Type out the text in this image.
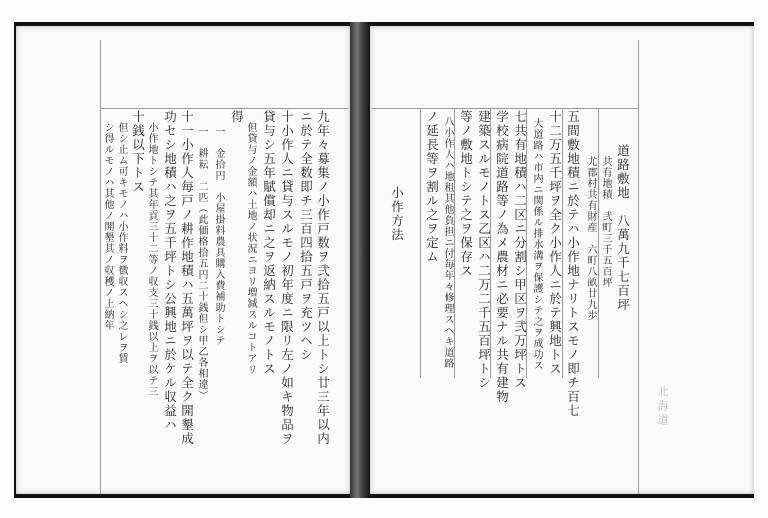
九年々募集ノ小作戸数ヲ弐拾五戸以上トシ廿三年以内
ニ於テ全数即チ三百四拾五戸ヲ充ツヘシ
十小作人ニ貸与スルモノ初年度ニ限リ左ノ如キ物品ヲ
貸与シ五年賦償却ニ之ヲ返納スルモノトス
但貸与ノ金額ハ土地ノ状況ニヨリ増減スルコトアリ
得
一　金拾円　小屋掛料農具購入費補助トシテ
一　耕耘　二匹（此価格拾五円二十銭但シ甲乙各相違）
十一小作人毎戸ノ耕作地積ハ五萬坪ヲ以テ全ク開墾成
功セシ地積ハ之ヲ五千坪トシ公興地ニ於ケル収益ハ
小作地トシテ其年貢三十二等ノ収支三十銭以上ヲ以テ三
十銭以下トス
但シ止ム可キモノハ小作料ヲ徴収スヘシ之レヲ賃
シ得ルモノハ其他ノ開墾其ノ収穫ノ上納年	道路敷地　八萬九千七百坪
共有地積　弐町三千五百坪
尤郡村共有財産　六町八畝廿九歩
五間敷地積ニ於テハ小作地ナリトスモノ即チ百七
十二万五千坪ヲ全ク小作人ニ於テ興地トス
大道路ハ市内ニ関係ル排水溝ヲ保護シテ之ヲ成功ス
七共有地積ハ二区ニ分割シ甲区ヲ弐万坪トス
学校病院道路等ノ為メ農材ニ必要ナル共有建物
建築スルモノトス乙区ハ二万二千五百坪トシ
等ノ敷地トシテ之ヲ保存ス
八小作人ハ地租其他負担ニ付毎年々修理スヘキ道路
ノ延長等ヲ割ル之ヲ定ム
小作方法
北海道
